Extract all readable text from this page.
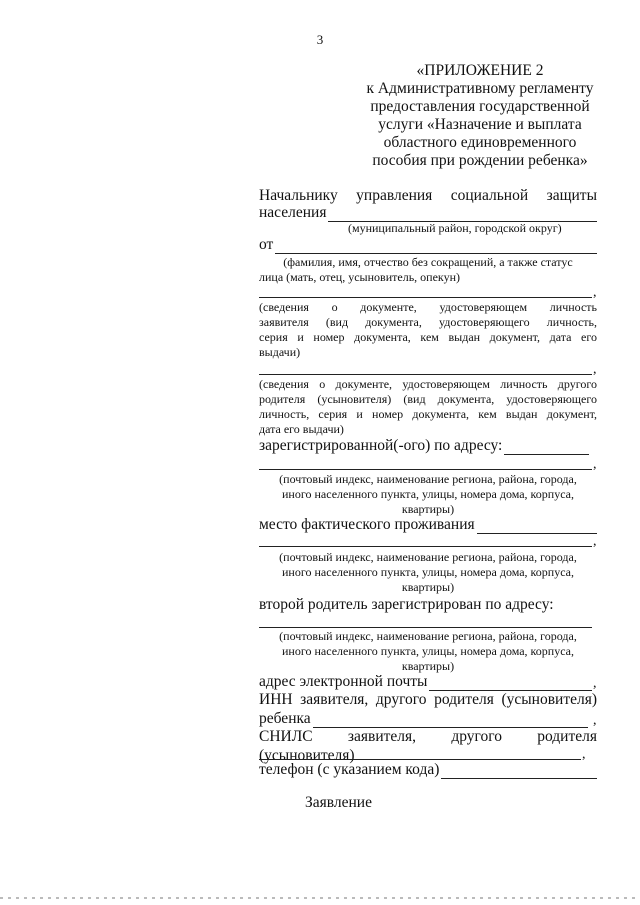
3
«ПРИЛОЖЕНИЕ 2
к Административному регламенту
предоставления государственной
услуги «Назначение и выплата
областного единовременного
пособия при рождении ребенка»
Начальнику управления социальной защиты
населения
(муниципальный район, городской округ)
от
(фамилия, имя, отчество без сокращений, а также статус
лица (мать, отец, усыновитель, опекун)
,
(сведения о документе, удостоверяющем личность
заявителя (вид документа, удостоверяющего личность,
серия и номер документа, кем выдан документ, дата его
выдачи)
,
(сведения о документе, удостоверяющем личность другого
родителя (усыновителя) (вид документа, удостоверяющего
личность, серия и номер документа, кем выдан документ,
дата его выдачи)
зарегистрированной(-ого) по адресу:
,
(почтовый индекс, наименование региона, района, города,
иного населенного пункта, улицы, номера дома, корпуса,
квартиры)
место фактического проживания
,
(почтовый индекс, наименование региона, района, города,
иного населенного пункта, улицы, номера дома, корпуса,
квартиры)
второй родитель зарегистрирован по адресу:
(почтовый индекс, наименование региона, района, города,
иного населенного пункта, улицы, номера дома, корпуса,
квартиры)
адрес электронной почты	,
ИНН заявителя, другого родителя (усыновителя)
ребенка	,
СНИЛС заявителя, другого родителя (усыновителя)	,
телефон (с указанием кода)
Заявление
